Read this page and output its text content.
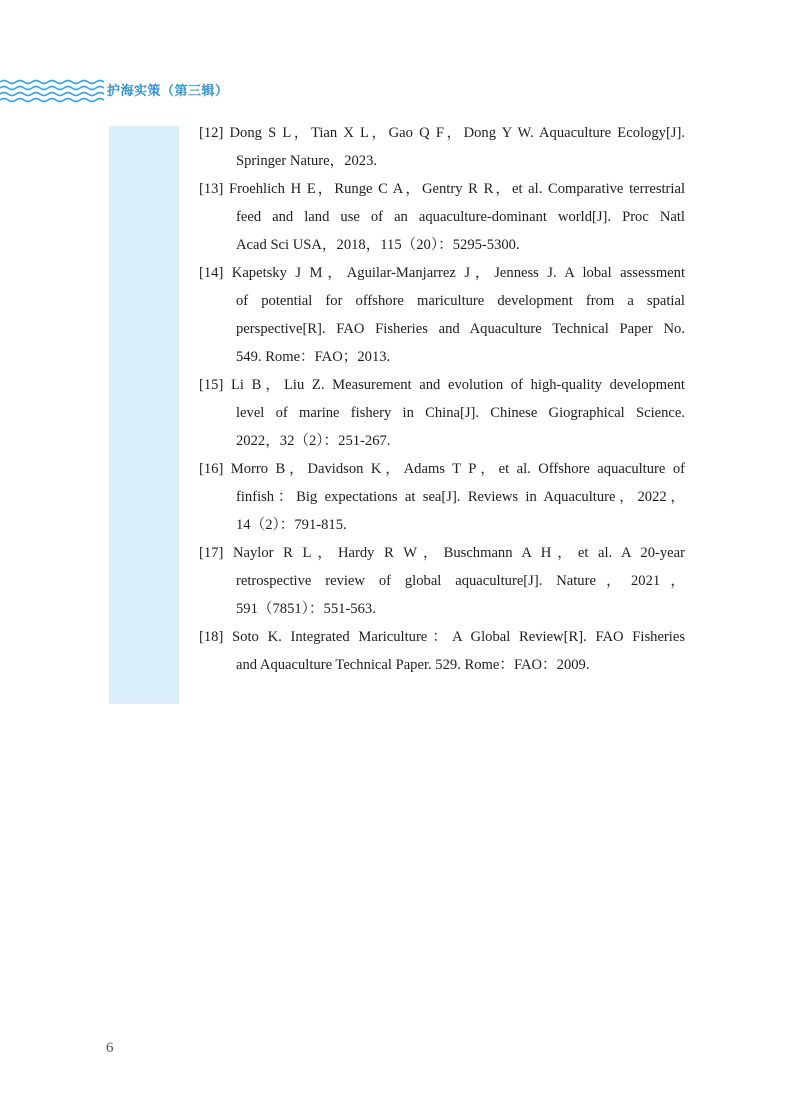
护海实策（第三辑）
[12] Dong S L，Tian X L，Gao Q F，Dong Y W. Aquaculture Ecology[J].
Springer Nature，2023.
[13] Froehlich H E，Runge C A，Gentry R R，et al. Comparative terrestrial
feed and land use of an aquaculture-dominant world[J]. Proc Natl
Acad Sci USA，2018，115（20）：5295-5300.
[14] Kapetsky J M，Aguilar-Manjarrez J，Jenness J. A lobal assessment
of potential for offshore mariculture development from a spatial
perspective[R]. FAO Fisheries and Aquaculture Technical Paper No.
549. Rome：FAO；2013.
[15] Li B，Liu Z. Measurement and evolution of high-quality development
level of marine fishery in China[J]. Chinese Giographical Science.
2022，32（2）：251-267.
[16] Morro B，Davidson K，Adams T P，et al. Offshore aquaculture of
finfish：Big expectations at sea[J]. Reviews in Aquaculture，2022，
14（2）：791-815.
[17] Naylor R L，Hardy R W，Buschmann A H，et al. A 20-year
retrospective review of global aquaculture[J]. Nature，2021，
591（7851）：551-563.
[18] Soto K. Integrated Mariculture：A Global Review[R]. FAO Fisheries
and Aquaculture Technical Paper. 529. Rome：FAO：2009.
6
